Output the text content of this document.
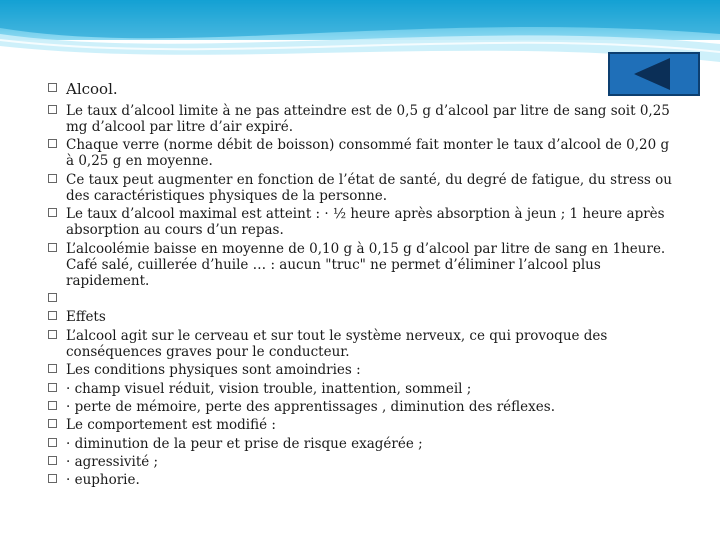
Alcool.
Le taux d’alcool limite à ne pas atteindre est de 0,5 g d’alcool par litre de sang soit 0,25 mg d’alcool par litre d’air expiré.
Chaque verre (norme débit de boisson) consommé fait monter le taux d’alcool de 0,20 g à 0,25 g en moyenne.
Ce taux peut augmenter en fonction de l’état de santé, du degré de fatigue, du stress ou des caractéristiques physiques de la personne.
Le taux d’alcool maximal est atteint : · ½ heure après absorption à jeun ; 1 heure après absorption au cours d’un repas.
L’alcoolémie baisse en moyenne de 0,10 g à 0,15 g d’alcool par litre de sang en 1heure. Café salé, cuillerée d’huile … : aucun "truc" ne permet d’éliminer l’alcool plus rapidement.
Effets
L’alcool agit sur le cerveau et sur tout le système nerveux, ce qui provoque des conséquences graves pour le conducteur.
Les conditions physiques sont amoindries :
· champ visuel réduit, vision trouble, inattention, sommeil ;
· perte de mémoire, perte des apprentissages , diminution des réflexes.
Le comportement est modifié :
· diminution de la peur et prise de risque exagérée ;
· agressivité ;
· euphorie.
